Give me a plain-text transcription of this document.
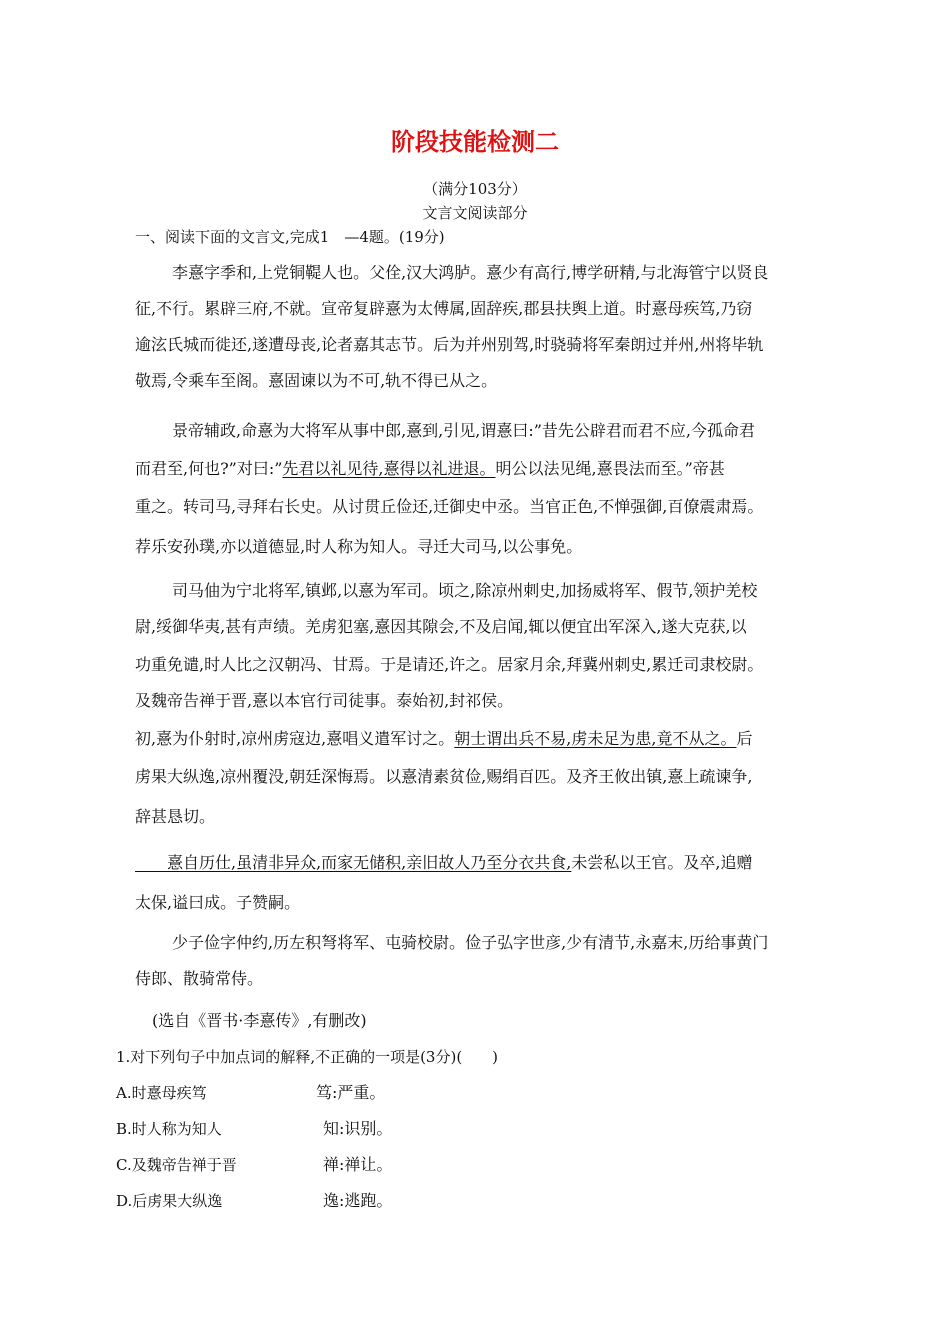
阶段技能检测二
（满分103分）
文言文阅读部分
一、阅读下面的文言文,完成1　—4题。(19分)
李憙字季和,上党铜鞮人也。父佺,汉大鸿胪。憙少有高行,博学研精,与北海管宁以贤良
征,不行。累辟三府,不就。宣帝复辟憙为太傅属,固辞疾,郡县扶舆上道。时憙母疾笃,乃窃
逾泫氏城而徙还,遂遭母丧,论者嘉其志节。后为并州别驾,时骁骑将军秦朗过并州,州将毕轨
敬焉,令乘车至阁。憙固谏以为不可,轨不得已从之。
景帝辅政,命憙为大将军从事中郎,憙到,引见,谓憙曰:”昔先公辟君而君不应,今孤命君
而君至,何也?”对曰:”先君以礼见待,憙得以礼进退。明公以法见绳,憙畏法而至。”帝甚
重之。转司马,寻拜右长史。从讨贯丘俭还,迁御史中丞。当官正色,不惮强御,百僚震肃焉。
荐乐安孙璞,亦以道德显,时人称为知人。寻迁大司马,以公事免。
司马伷为宁北将军,镇邺,以憙为军司。顷之,除凉州刺史,加扬威将军、假节,领护羌校
尉,绥御华夷,甚有声绩。羌虏犯塞,憙因其隙会,不及启闻,辄以便宜出军深入,遂大克获,以
功重免谴,时人比之汉朝冯、甘焉。于是请还,许之。居家月余,拜冀州刺史,累迁司隶校尉。
及魏帝告禅于晋,憙以本官行司徒事。泰始初,封祁侯。
初,憙为仆射时,凉州虏寇边,憙唱义遣军讨之。朝士谓出兵不易,虏未足为患,竟不从之。后
虏果大纵逸,凉州覆没,朝廷深悔焉。以憙清素贫俭,赐绢百匹。及齐王攸出镇,憙上疏谏争,
辞甚恳切。
　　憙自历仕,虽清非异众,而家无储积,亲旧故人乃至分衣共食,未尝私以王官。及卒,追赠
太保,谥曰成。子赞嗣。
少子俭字仲约,历左积弩将军、屯骑校尉。俭子弘字世彦,少有清节,永嘉末,历给事黄门
侍郎、散骑常侍。
(选自《晋书·李憙传》,有删改)
1.对下列句子中加点词的解释,不正确的一项是(3分)(　　)
A.时憙母疾笃	笃:严重。
B.时人称为知人	知:识别。
C.及魏帝告禅于晋	禅:禅让。
D.后虏果大纵逸	逸:逃跑。
